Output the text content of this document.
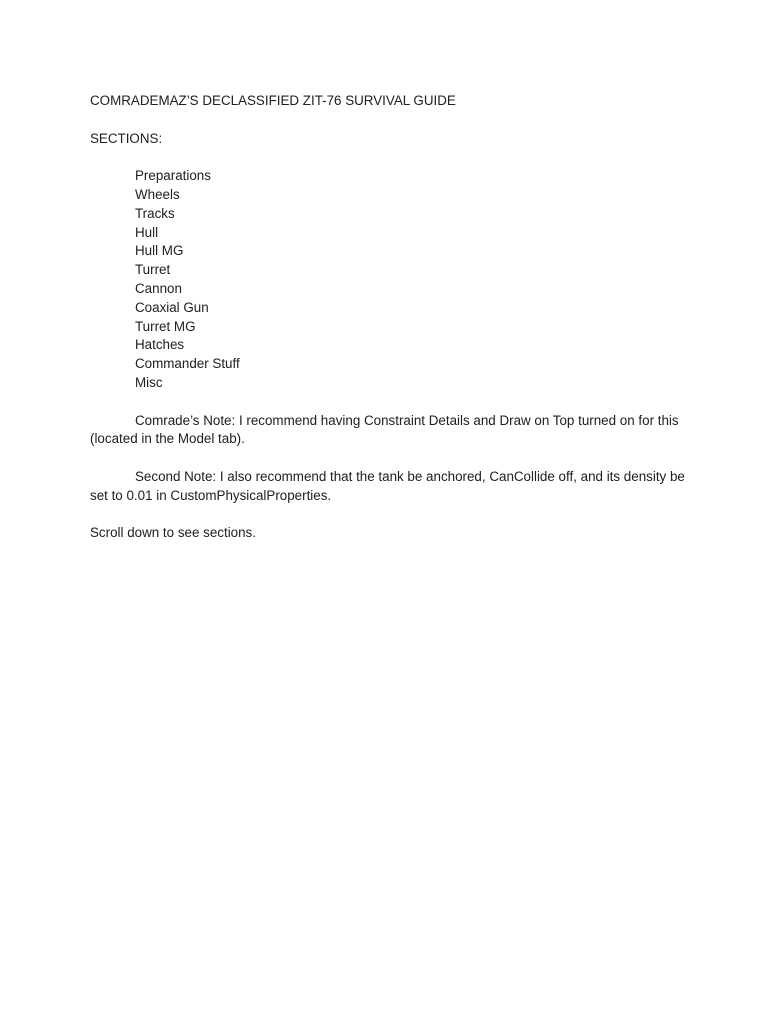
COMRADEMAZ’S DECLASSIFIED ZIT-76 SURVIVAL GUIDE
SECTIONS:
Preparations
Wheels
Tracks
Hull
Hull MG
Turret
Cannon
Coaxial Gun
Turret MG
Hatches
Commander Stuff
Misc

Comrade’s Note: I recommend having Constraint Details and Draw on Top turned on for this (located in the Model tab).

Second Note: I also recommend that the tank be anchored, CanCollide off, and its density be set to 0.01 in CustomPhysicalProperties.

Scroll down to see sections.
